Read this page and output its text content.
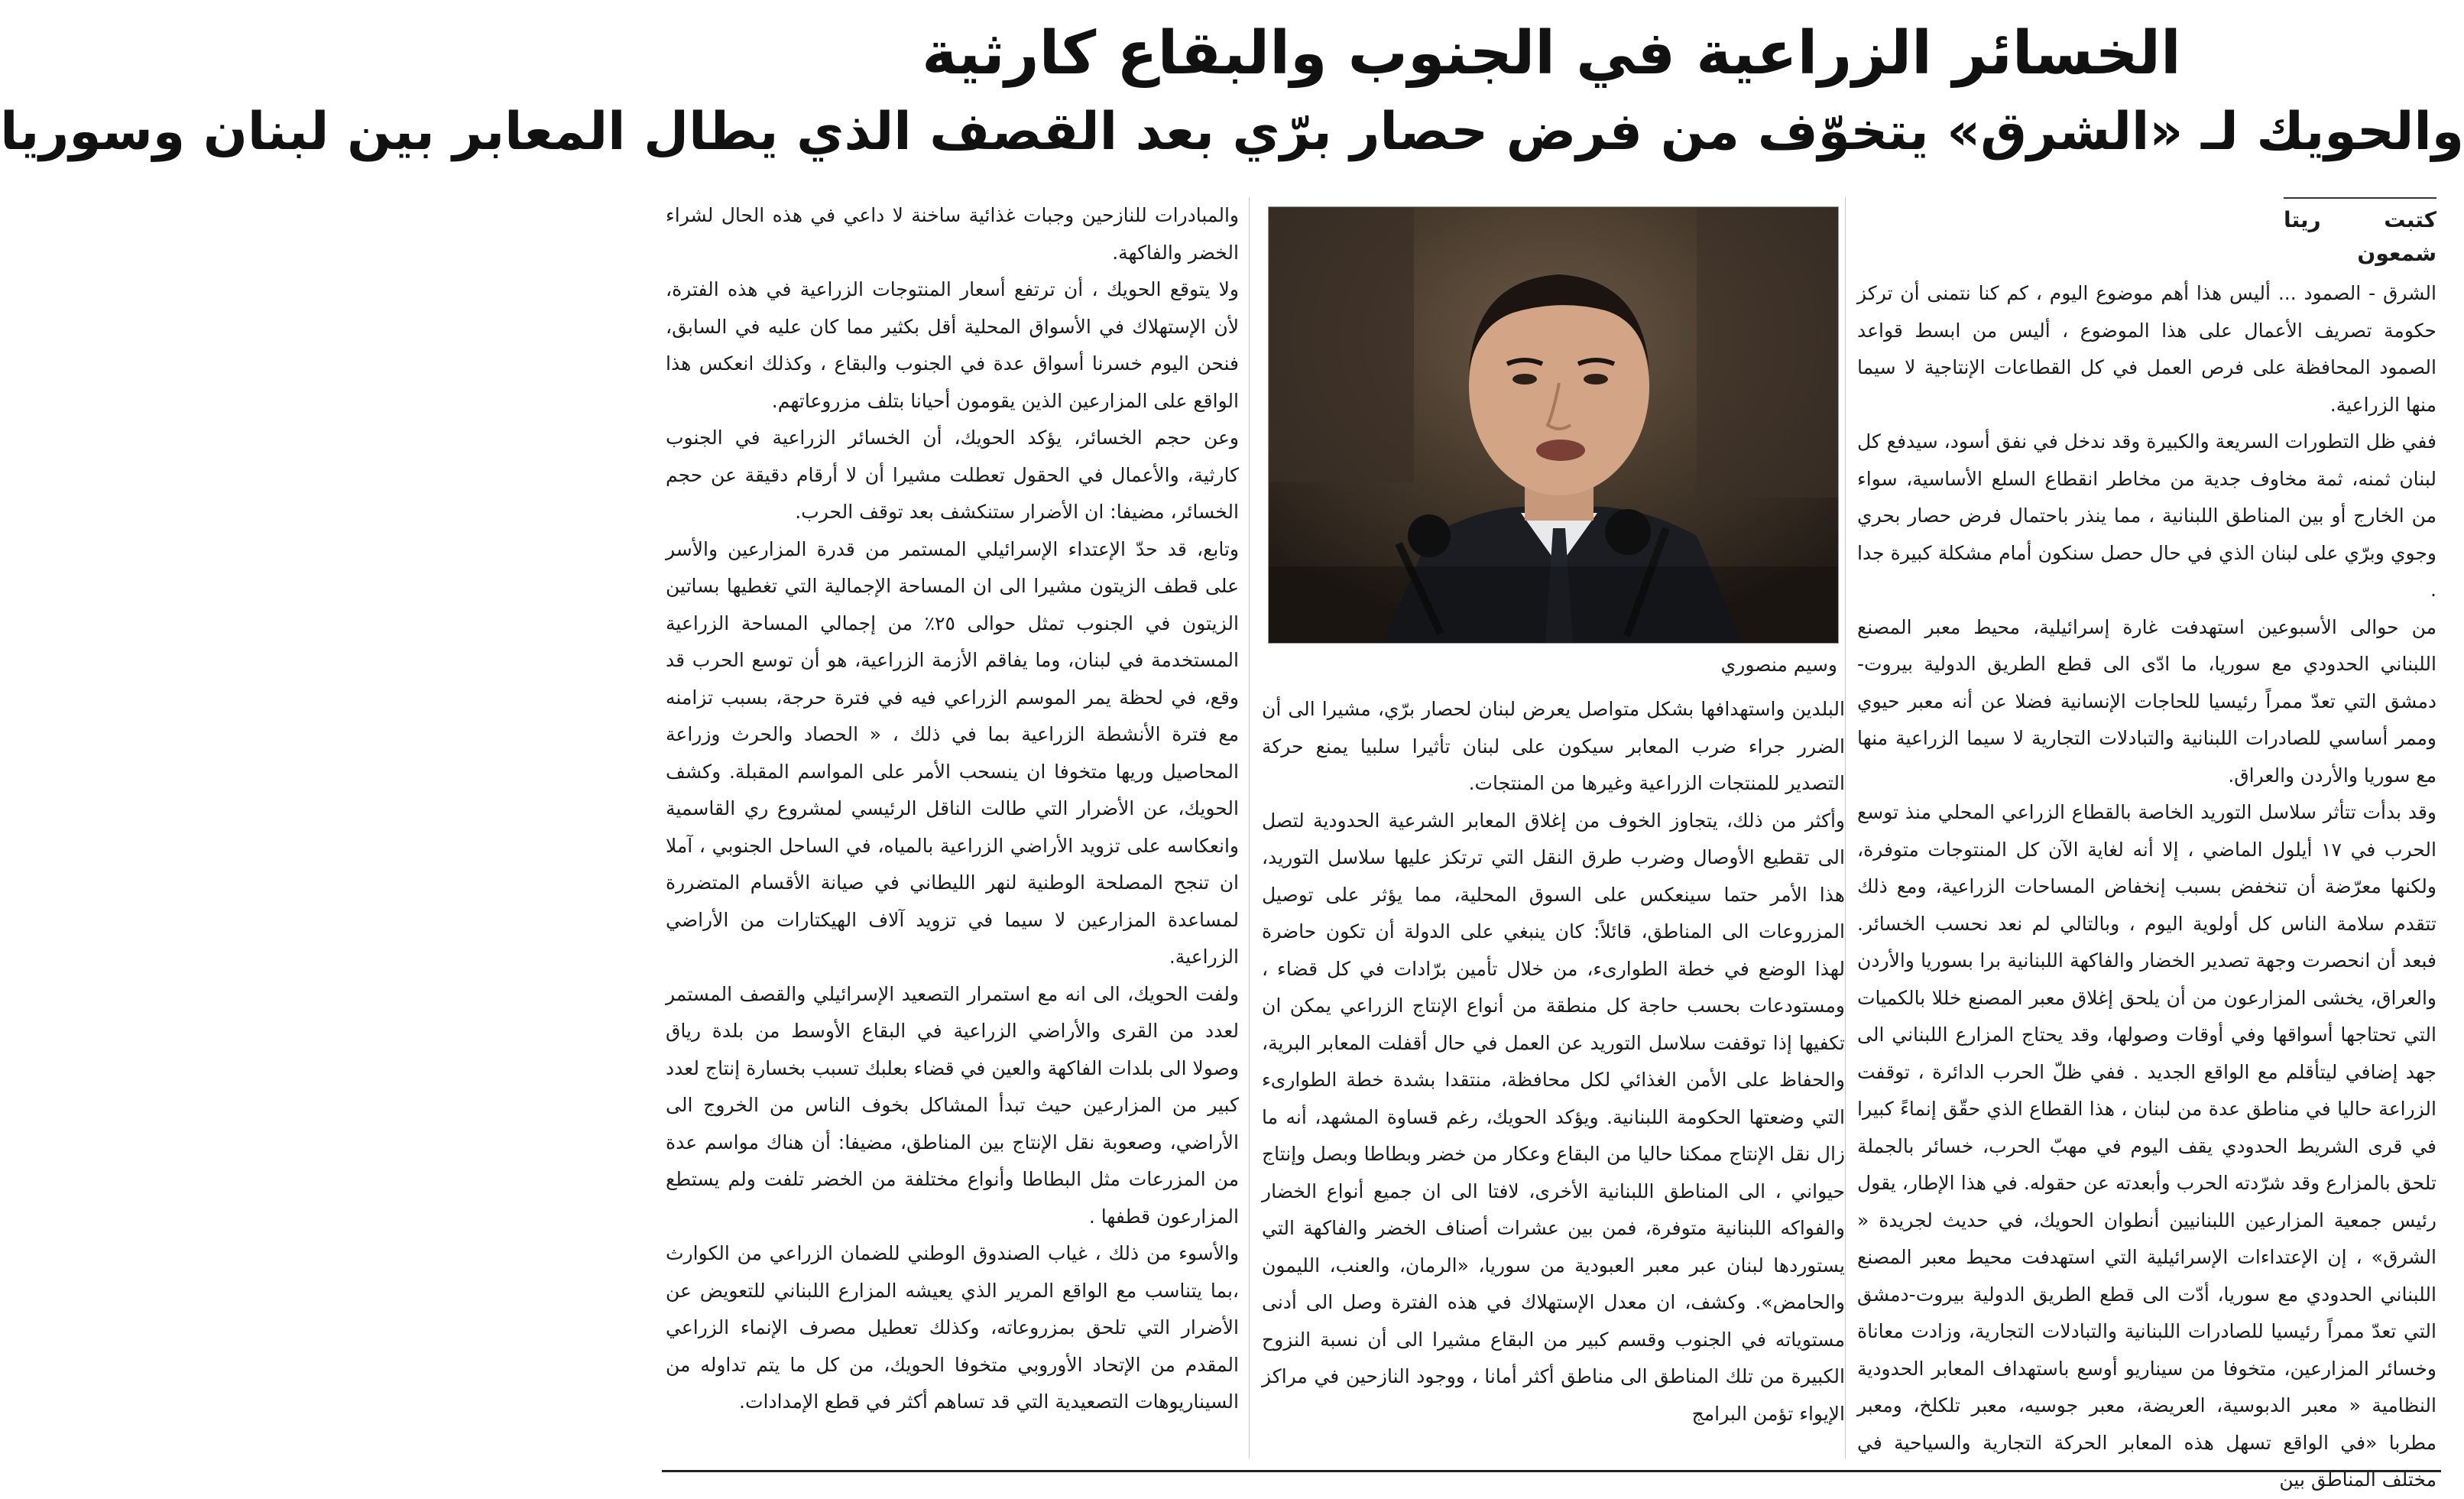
الخسائر الزراعية في الجنوب والبقاع كارثية
والحويك لـ «الشرق» يتخوّف من فرض حصار برّي بعد القصف الذي يطال المعابر بين لبنان وسوريا
كتبت ريتا شمعون

الشرق - الصمود ... أليس هذا أهم موضوع اليوم ، كم كنا نتمنى أن تركز حكومة تصريف الأعمال على هذا الموضوع ، أليس من ابسط قواعد الصمود المحافظة على فرص العمل في كل القطاعات الإنتاجية لا سيما منها الزراعية.

ففي ظل التطورات السريعة والكبيرة وقد ندخل في نفق أسود، سيدفع كل لبنان ثمنه، ثمة مخاوف جدية من مخاطر انقطاع السلع الأساسية، سواء من الخارج أو بين المناطق اللبنانية ، مما ينذر باحتمال فرض حصار بحري وجوي وبرّي على لبنان الذي في حال حصل سنكون أمام مشكلة كبيرة جدا .

من حوالى الأسبوعين استهدفت غارة إسرائيلية، محيط معبر المصنع اللبناني الحدودي مع سوريا، ما ادّى الى قطع الطريق الدولية بيروت- دمشق التي تعدّ ممراً رئيسيا للحاجات الإنسانية فضلا عن أنه معبر حيوي وممر أساسي للصادرات اللبنانية والتبادلات التجارية لا سيما الزراعية منها مع سوريا والأردن والعراق.

وقد بدأت تتأثر سلاسل التوريد الخاصة بالقطاع الزراعي المحلي منذ توسع الحرب في ١٧ أيلول الماضي ، إلا أنه لغاية الآن كل المنتوجات متوفرة، ولكنها معرّضة أن تنخفض بسبب إنخفاض المساحات الزراعية، ومع ذلك تتقدم سلامة الناس كل أولوية اليوم ، وبالتالي لم نعد نحسب الخسائر. فبعد أن انحصرت وجهة تصدير الخضار والفاكهة اللبنانية برا بسوريا والأردن والعراق، يخشى المزارعون من أن يلحق إغلاق معبر المصنع خللا بالكميات التي تحتاجها أسواقها وفي أوقات وصولها، وقد يحتاج المزارع اللبناني الى جهد إضافي ليتأقلم مع الواقع الجديد . ففي ظلّ الحرب الدائرة ، توقفت الزراعة حاليا في مناطق عدة من لبنان ، هذا القطاع الذي حقّق إنماءً كبيرا في قرى الشريط الحدودي يقف اليوم في مهبّ الحرب، خسائر بالجملة تلحق بالمزارع وقد شرّدته الحرب وأبعدته عن حقوله. في هذا الإطار، يقول رئيس جمعية المزارعين اللبنانيين أنطوان الحويك، في حديث لجريدة « الشرق» ، إن الإعتداءات الإسرائيلية التي استهدفت محيط معبر المصنع اللبناني الحدودي مع سوريا، أدّت الى قطع الطريق الدولية بيروت-دمشق التي تعدّ ممراً رئيسيا للصادرات اللبنانية والتبادلات التجارية، وزادت معاناة وخسائر المزارعين، متخوفا من سيناريو أوسع باستهداف المعابر الحدودية النظامية « معبر الدبوسية، العريضة، معبر جوسيه، معبر تلكلخ، ومعبر مطربا «في الواقع تسهل هذه المعابر الحركة التجارية والسياحية في مختلف المناطق بين

وسيم منصوري

البلدين واستهدافها بشكل متواصل يعرض لبنان لحصار برّي، مشيرا الى أن الضرر جراء ضرب المعابر سيكون على لبنان تأثيرا سلبيا يمنع حركة التصدير للمنتجات الزراعية وغيرها من المنتجات.

وأكثر من ذلك، يتجاوز الخوف من إغلاق المعابر الشرعية الحدودية لتصل الى تقطيع الأوصال وضرب طرق النقل التي ترتكز عليها سلاسل التوريد، هذا الأمر حتما سينعكس على السوق المحلية، مما يؤثر على توصيل المزروعات الى المناطق، قائلاً: كان ينبغي على الدولة أن تكون حاضرة لهذا الوضع في خطة الطوارىء، من خلال تأمين برّادات في كل قضاء ، ومستودعات بحسب حاجة كل منطقة من أنواع الإنتاج الزراعي يمكن ان تكفيها إذا توقفت سلاسل التوريد عن العمل في حال أقفلت المعابر البرية، والحفاظ على الأمن الغذائي لكل محافظة، منتقدا بشدة خطة الطوارىء التي وضعتها الحكومة اللبنانية. ويؤكد الحويك، رغم قساوة المشهد، أنه ما زال نقل الإنتاج ممكنا حاليا من البقاع وعكار من خضر وبطاطا وبصل وإنتاج حيواني ، الى المناطق اللبنانية الأخرى، لافتا الى ان جميع أنواع الخضار والفواكه اللبنانية متوفرة، فمن بين عشرات أصناف الخضر والفاكهة التي يستوردها لبنان عبر معبر العبودية من سوريا، «الرمان، والعنب، الليمون والحامض». وكشف، ان معدل الإستهلاك في هذه الفترة وصل الى أدنى مستوياته في الجنوب وقسم كبير من البقاع مشيرا الى أن نسبة النزوح الكبيرة من تلك المناطق الى مناطق أكثر أمانا ، ووجود النازحين في مراكز الإيواء تؤمن البرامج

والمبادرات للنازحين وجبات غذائية ساخنة لا داعي في هذه الحال لشراء الخضر والفاكهة.

ولا يتوقع الحويك ، أن ترتفع أسعار المنتوجات الزراعية في هذه الفترة، لأن الإستهلاك في الأسواق المحلية أقل بكثير مما كان عليه في السابق، فنحن اليوم خسرنا أسواق عدة في الجنوب والبقاع ، وكذلك انعكس هذا الواقع على المزارعين الذين يقومون أحيانا بتلف مزروعاتهم.

وعن حجم الخسائر، يؤكد الحويك، أن الخسائر الزراعية في الجنوب كارثية، والأعمال في الحقول تعطلت مشيرا أن لا أرقام دقيقة عن حجم الخسائر، مضيفا: ان الأضرار ستنكشف بعد توقف الحرب.

وتابع، قد حدّ الإعتداء الإسرائيلي المستمر من قدرة المزارعين والأسر على قطف الزيتون مشيرا الى ان المساحة الإجمالية التي تغطيها بساتين الزيتون في الجنوب تمثل حوالى ٢٥٪ من إجمالي المساحة الزراعية المستخدمة في لبنان، وما يفاقم الأزمة الزراعية، هو أن توسع الحرب قد وقع، في لحظة يمر الموسم الزراعي فيه في فترة حرجة، بسبب تزامنه مع فترة الأنشطة الزراعية بما في ذلك ، « الحصاد والحرث وزراعة المحاصيل وريها متخوفا ان ينسحب الأمر على المواسم المقبلة. وكشف الحويك، عن الأضرار التي طالت الناقل الرئيسي لمشروع ري القاسمية وانعكاسه على تزويد الأراضي الزراعية بالمياه، في الساحل الجنوبي ، آملا ان تنجح المصلحة الوطنية لنهر الليطاني في صيانة الأقسام المتضررة لمساعدة المزارعين لا سيما في تزويد آلاف الهيكتارات من الأراضي الزراعية.

ولفت الحويك، الى انه مع استمرار التصعيد الإسرائيلي والقصف المستمر لعدد من القرى والأراضي الزراعية في البقاع الأوسط من بلدة رياق وصولا الى بلدات الفاكهة والعين في قضاء بعلبك تسبب بخسارة إنتاج لعدد كبير من المزارعين حيث تبدأ المشاكل بخوف الناس من الخروج الى الأراضي، وصعوبة نقل الإنتاج بين المناطق، مضيفا: أن هناك مواسم عدة من المزرعات مثل البطاطا وأنواع مختلفة من الخضر تلفت ولم يستطع المزارعون قطفها .

والأسوء من ذلك ، غياب الصندوق الوطني للضمان الزراعي من الكوارث ،بما يتناسب مع الواقع المرير الذي يعيشه المزارع اللبناني للتعويض عن الأضرار التي تلحق بمزروعاته، وكذلك تعطيل مصرف الإنماء الزراعي المقدم من الإتحاد الأوروبي متخوفا الحويك، من كل ما يتم تداوله من السيناريوهات التصعيدية التي قد تساهم أكثر في قطع الإمدادات.
